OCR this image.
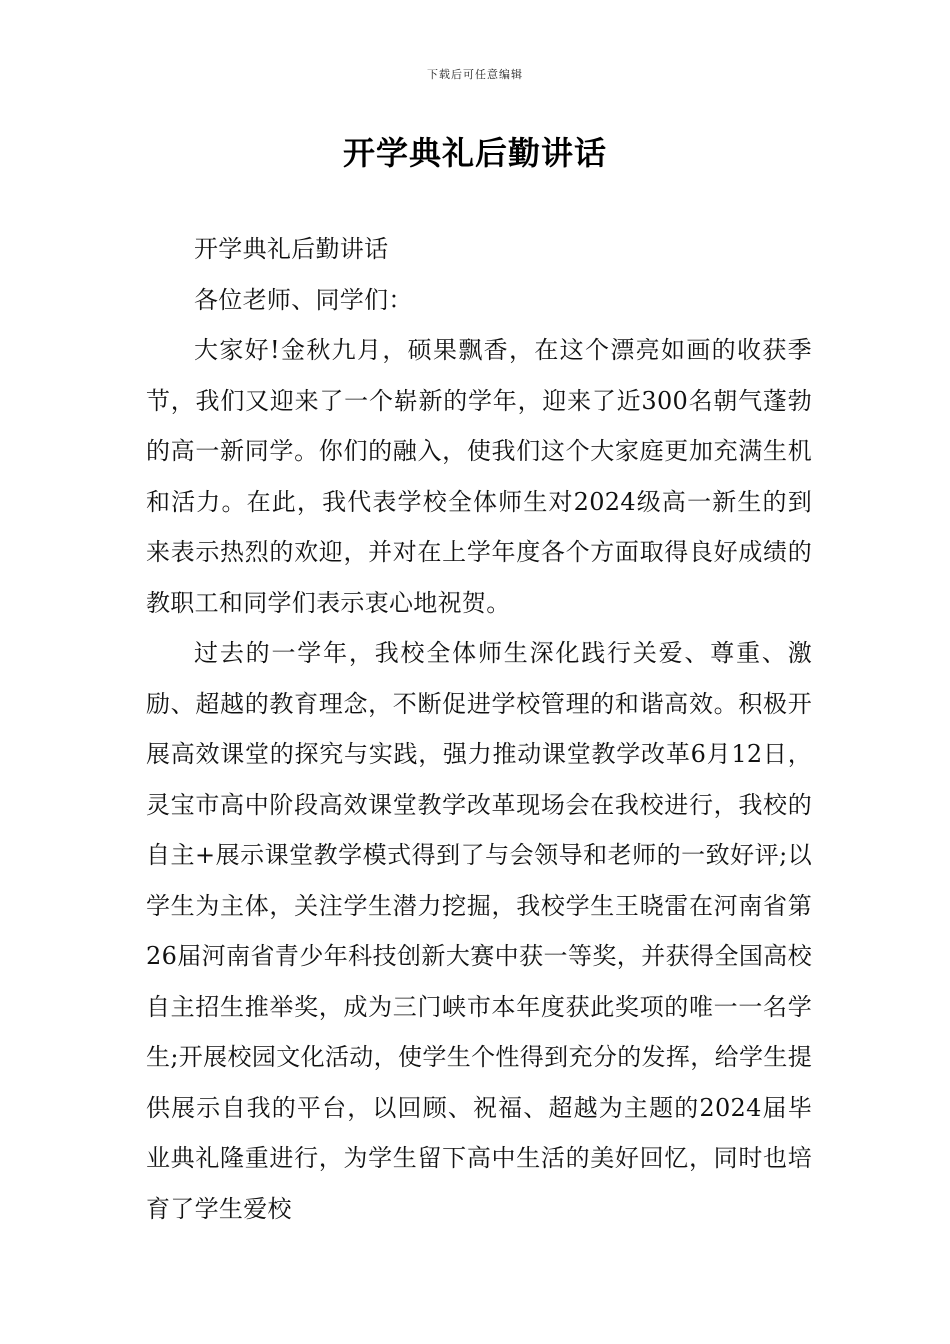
下载后可任意编辑
开学典礼后勤讲话

开学典礼后勤讲话

各位老师、同学们：

大家好!金秋九月，硕果飘香，在这个漂亮如画的收获季节，我们又迎来了一个崭新的学年，迎来了近300名朝气蓬勃的高一新同学。你们的融入，使我们这个大家庭更加充满生机和活力。在此，我代表学校全体师生对2024级高一新生的到来表示热烈的欢迎，并对在上学年度各个方面取得良好成绩的教职工和同学们表示衷心地祝贺。

过去的一学年，我校全体师生深化践行关爱、尊重、激励、超越的教育理念，不断促进学校管理的和谐高效。积极开展高效课堂的探究与实践，强力推动课堂教学改革6月12日，灵宝市高中阶段高效课堂教学改革现场会在我校进行，我校的自主+展示课堂教学模式得到了与会领导和老师的一致好评;以学生为主体，关注学生潜力挖掘，我校学生王晓雷在河南省第26届河南省青少年科技创新大赛中获一等奖，并获得全国高校自主招生推举奖，成为三门峡市本年度获此奖项的唯一一名学生;开展校园文化活动，使学生个性得到充分的发挥，给学生提供展示自我的平台，以回顾、祝福、超越为主题的2024届毕业典礼隆重进行，为学生留下高中生活的美好回忆，同时也培育了学生爱校
